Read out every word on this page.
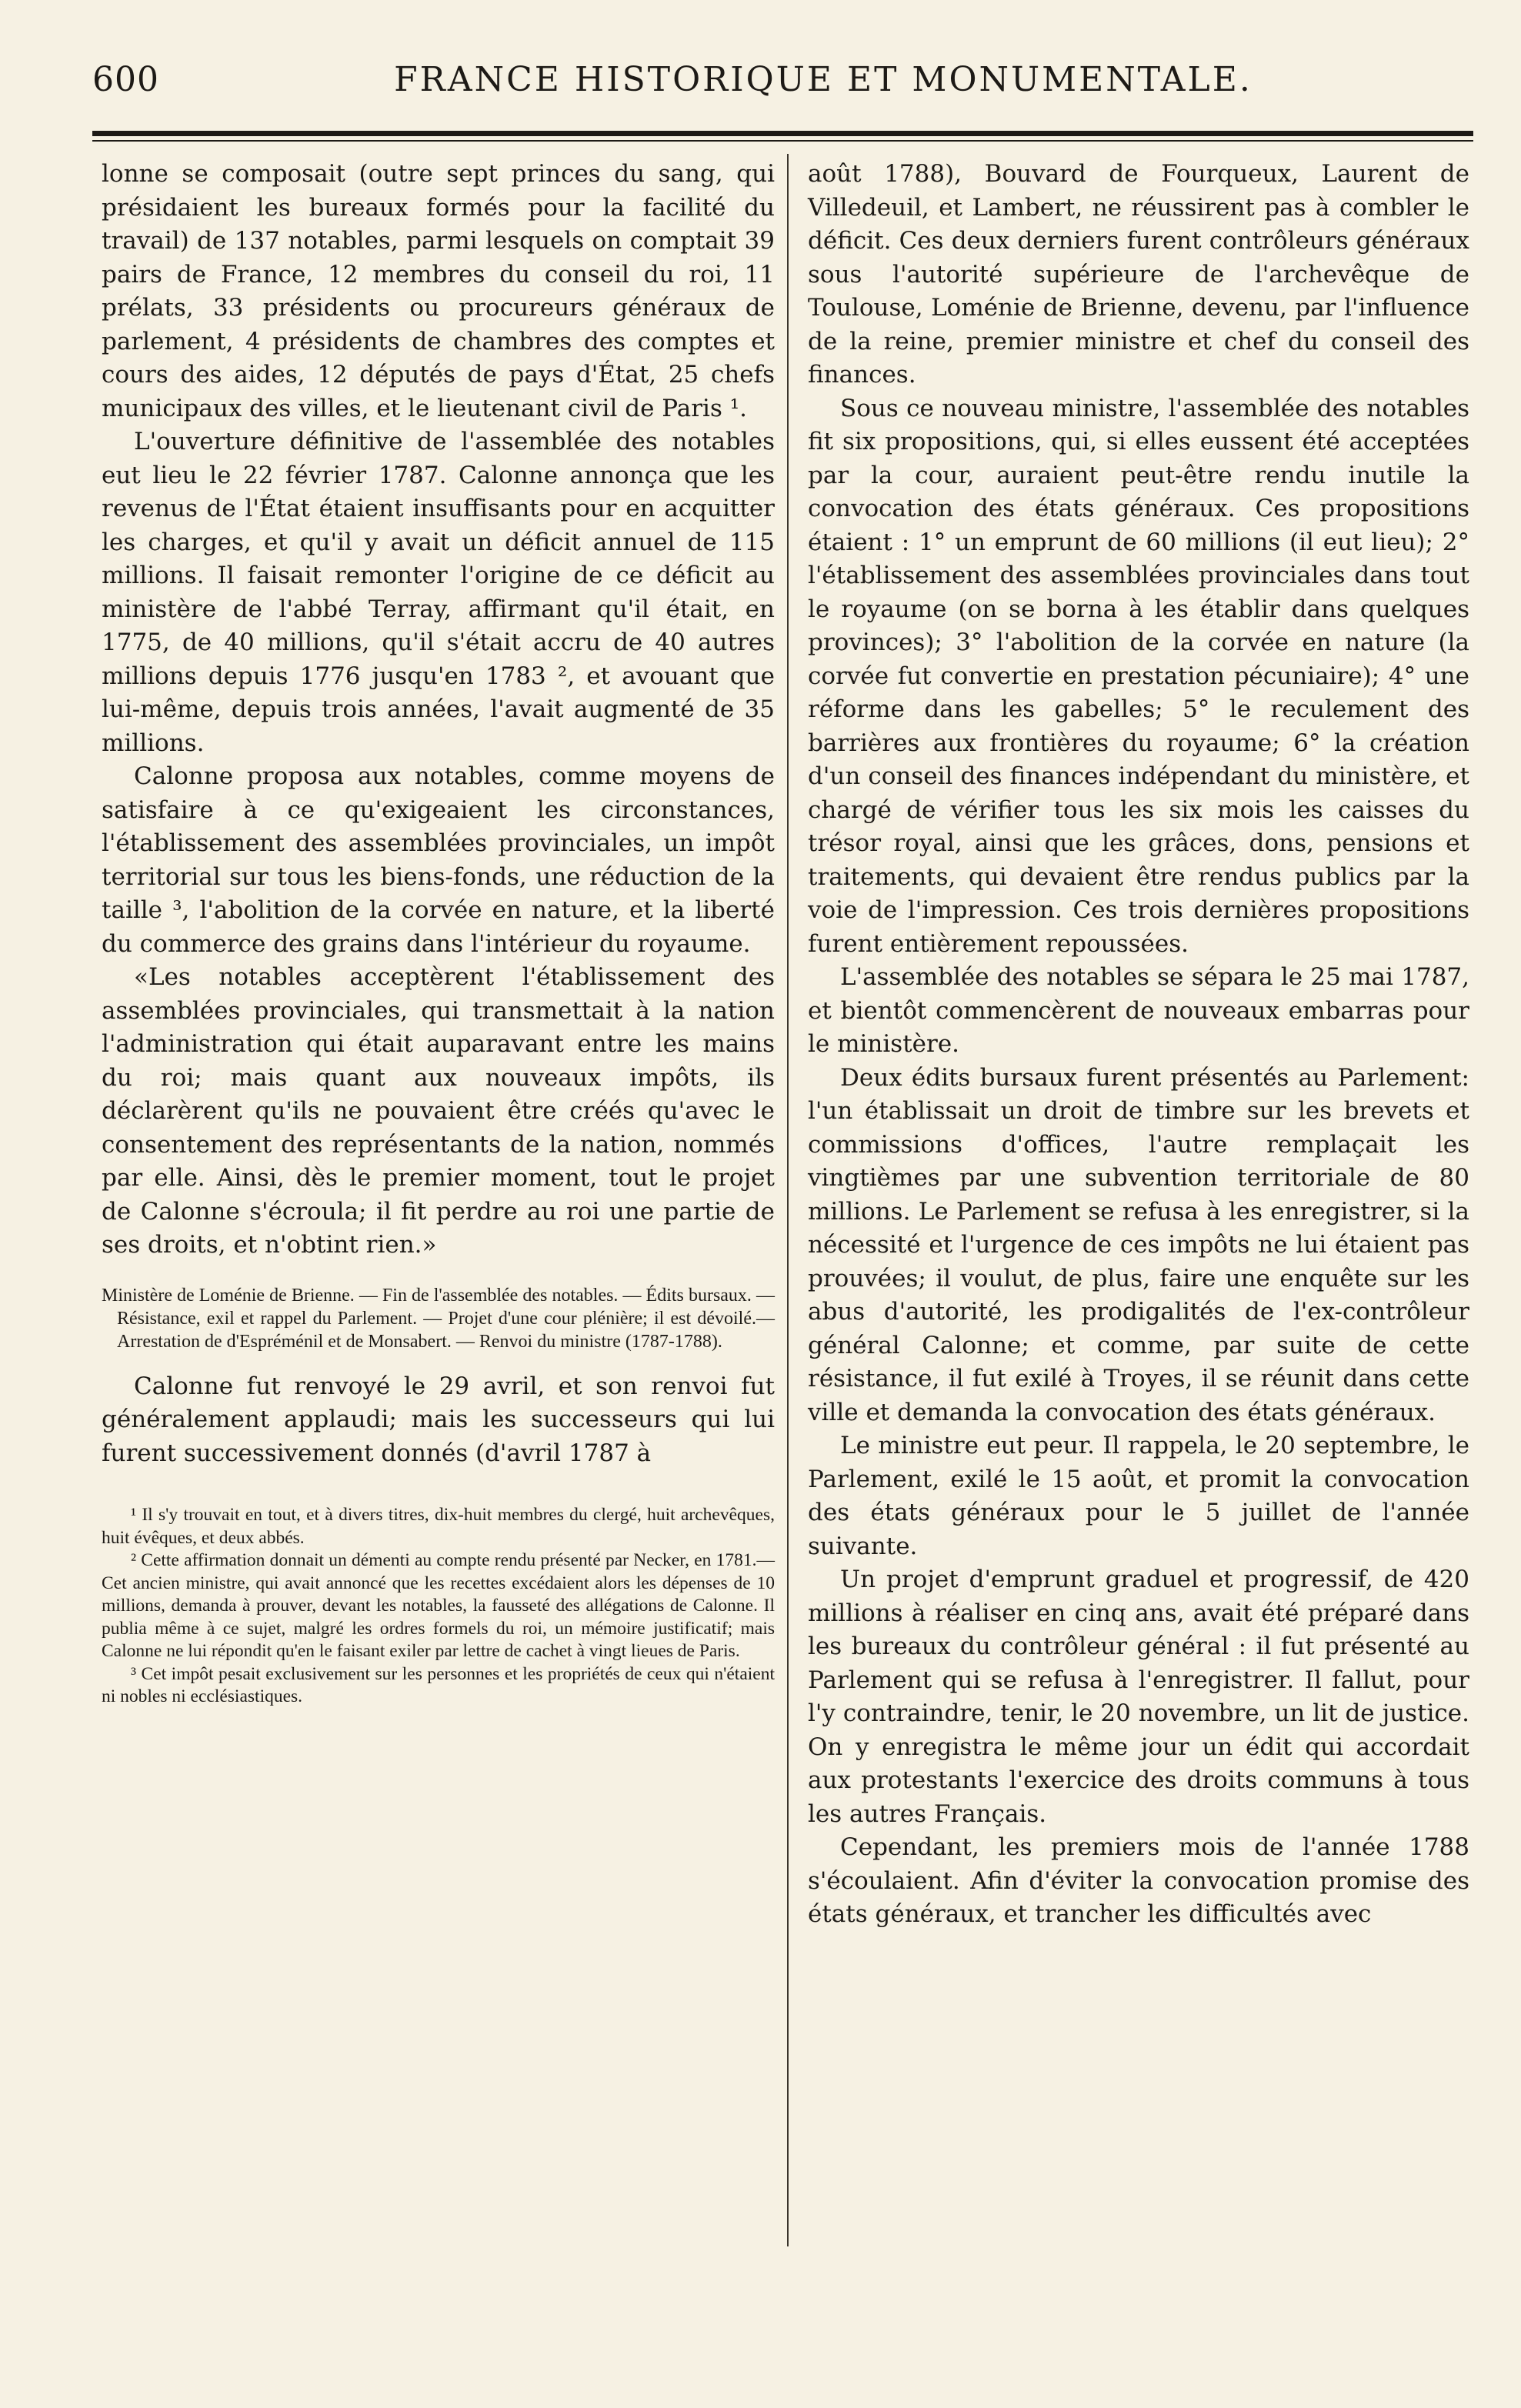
600	FRANCE HISTORIQUE ET MONUMENTALE.

lonne se composait (outre sept princes du sang, qui présidaient les bureaux formés pour la facilité du travail) de 137 notables, parmi lesquels on comptait 39 pairs de France, 12 membres du conseil du roi, 11 prélats, 33 présidents ou procureurs généraux de parlement, 4 présidents de chambres des comptes et cours des aides, 12 députés de pays d'État, 25 chefs municipaux des villes, et le lieutenant civil de Paris ¹.

L'ouverture définitive de l'assemblée des notables eut lieu le 22 février 1787. Calonne annonça que les revenus de l'État étaient insuffisants pour en acquitter les charges, et qu'il y avait un déficit annuel de 115 millions. Il faisait remonter l'origine de ce déficit au ministère de l'abbé Terray, affirmant qu'il était, en 1775, de 40 millions, qu'il s'était accru de 40 autres millions depuis 1776 jusqu'en 1783 ², et avouant que lui-même, depuis trois années, l'avait augmenté de 35 millions.

Calonne proposa aux notables, comme moyens de satisfaire à ce qu'exigeaient les circonstances, l'établissement des assemblées provinciales, un impôt territorial sur tous les biens-fonds, une réduction de la taille ³, l'abolition de la corvée en nature, et la liberté du commerce des grains dans l'intérieur du royaume.

«Les notables acceptèrent l'établissement des assemblées provinciales, qui transmettait à la nation l'administration qui était auparavant entre les mains du roi; mais quant aux nouveaux impôts, ils déclarèrent qu'ils ne pouvaient être créés qu'avec le consentement des représentants de la nation, nommés par elle. Ainsi, dès le premier moment, tout le projet de Calonne s'écroula; il fit perdre au roi une partie de ses droits, et n'obtint rien.»

Ministère de Loménie de Brienne. — Fin de l'assemblée des notables. — Édits bursaux. — Résistance, exil et rappel du Parlement. — Projet d'une cour plénière; il est dévoilé.— Arrestation de d'Espréménil et de Monsabert. — Renvoi du ministre (1787-1788).

Calonne fut renvoyé le 29 avril, et son renvoi fut généralement applaudi; mais les successeurs qui lui furent successivement donnés (d'avril 1787 à

¹ Il s'y trouvait en tout, et à divers titres, dix-huit membres du clergé, huit archevêques, huit évêques, et deux abbés.

² Cette affirmation donnait un démenti au compte rendu présenté par Necker, en 1781.— Cet ancien ministre, qui avait annoncé que les recettes excédaient alors les dépenses de 10 millions, demanda à prouver, devant les notables, la fausseté des allégations de Calonne. Il publia même à ce sujet, malgré les ordres formels du roi, un mémoire justificatif; mais Calonne ne lui répondit qu'en le faisant exiler par lettre de cachet à vingt lieues de Paris.

³ Cet impôt pesait exclusivement sur les personnes et les propriétés de ceux qui n'étaient ni nobles ni ecclésiastiques.

août 1788), Bouvard de Fourqueux, Laurent de Villedeuil, et Lambert, ne réussirent pas à combler le déficit. Ces deux derniers furent contrôleurs généraux sous l'autorité supérieure de l'archevêque de Toulouse, Loménie de Brienne, devenu, par l'influence de la reine, premier ministre et chef du conseil des finances.

Sous ce nouveau ministre, l'assemblée des notables fit six propositions, qui, si elles eussent été acceptées par la cour, auraient peut-être rendu inutile la convocation des états généraux. Ces propositions étaient : 1° un emprunt de 60 millions (il eut lieu); 2° l'établissement des assemblées provinciales dans tout le royaume (on se borna à les établir dans quelques provinces); 3° l'abolition de la corvée en nature (la corvée fut convertie en prestation pécuniaire); 4° une réforme dans les gabelles; 5° le reculement des barrières aux frontières du royaume; 6° la création d'un conseil des finances indépendant du ministère, et chargé de vérifier tous les six mois les caisses du trésor royal, ainsi que les grâces, dons, pensions et traitements, qui devaient être rendus publics par la voie de l'impression. Ces trois dernières propositions furent entièrement repoussées.

L'assemblée des notables se sépara le 25 mai 1787, et bientôt commencèrent de nouveaux embarras pour le ministère.

Deux édits bursaux furent présentés au Parlement: l'un établissait un droit de timbre sur les brevets et commissions d'offices, l'autre remplaçait les vingtièmes par une subvention territoriale de 80 millions. Le Parlement se refusa à les enregistrer, si la nécessité et l'urgence de ces impôts ne lui étaient pas prouvées; il voulut, de plus, faire une enquête sur les abus d'autorité, les prodigalités de l'ex-contrôleur général Calonne; et comme, par suite de cette résistance, il fut exilé à Troyes, il se réunit dans cette ville et demanda la convocation des états généraux.

Le ministre eut peur. Il rappela, le 20 septembre, le Parlement, exilé le 15 août, et promit la convocation des états généraux pour le 5 juillet de l'année suivante.

Un projet d'emprunt graduel et progressif, de 420 millions à réaliser en cinq ans, avait été préparé dans les bureaux du contrôleur général : il fut présenté au Parlement qui se refusa à l'enregistrer. Il fallut, pour l'y contraindre, tenir, le 20 novembre, un lit de justice. On y enregistra le même jour un édit qui accordait aux protestants l'exercice des droits communs à tous les autres Français.

Cependant, les premiers mois de l'année 1788 s'écoulaient. Afin d'éviter la convocation promise des états généraux, et trancher les difficultés avec
